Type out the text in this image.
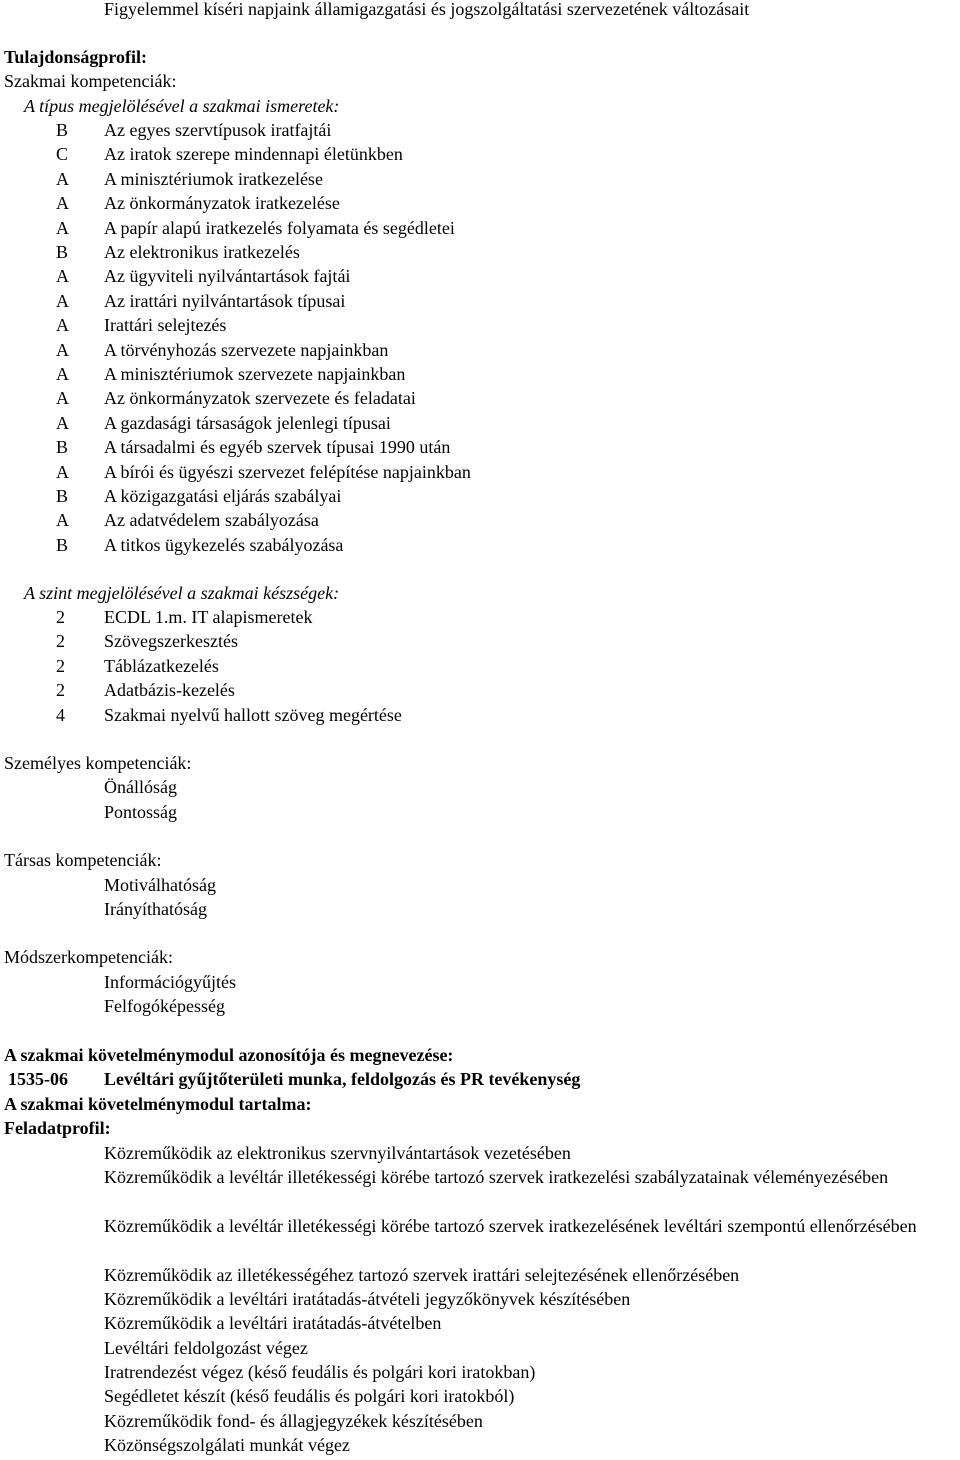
Figyelemmel kíséri napjaink államigazgatási és jogszolgáltatási szervezetének változásait
Tulajdonságprofil:
Szakmai kompetenciák:
A típus megjelölésével a szakmai ismeretek:
B	Az egyes szervtípusok iratfajtái
C	Az iratok szerepe mindennapi életünkben
A	A minisztériumok iratkezelése
A	Az önkormányzatok iratkezelése
A	A papír alapú iratkezelés folyamata és segédletei
B	Az elektronikus iratkezelés
A	Az ügyviteli nyilvántartások fajtái
A	Az irattári nyilvántartások típusai
A	Irattári selejtezés
A	A törvényhozás szervezete napjainkban
A	A minisztériumok szervezete napjainkban
A	Az önkormányzatok szervezete és feladatai
A	A gazdasági társaságok jelenlegi típusai
B	A társadalmi és egyéb szervek típusai 1990 után
A	A bírói és ügyészi szervezet felépítése napjainkban
B	A közigazgatási eljárás szabályai
A	Az adatvédelem szabályozása
B	A titkos ügykezelés szabályozása
A szint megjelölésével a szakmai készségek:
2	ECDL 1.m. IT alapismeretek
2	Szövegszerkesztés
2	Táblázatkezelés
2	Adatbázis-kezelés
4	Szakmai nyelvű hallott szöveg megértése
Személyes kompetenciák:
Önállóság
Pontosság
Társas kompetenciák:
Motiválhatóság
Irányíthatóság
Módszerkompetenciák:
Információgyűjtés
Felfogóképesség
A szakmai követelménymodul azonosítója és megnevezése:
1535-06 Levéltári gyűjtőterületi munka, feldolgozás és PR tevékenység
A szakmai követelménymodul tartalma:
Feladatprofil:
Közreműködik az elektronikus szervnyilvántartások vezetésében
Közreműködik a levéltár illetékességi körébe tartozó szervek iratkezelési szabályzatainak véleményezésében
Közreműködik a levéltár illetékességi körébe tartozó szervek iratkezelésének levéltári szempontú ellenőrzésében
Közreműködik az illetékességéhez tartozó szervek irattári selejtezésének ellenőrzésében
Közreműködik a levéltári iratátadás-átvételi jegyzőkönyvek készítésében
Közreműködik a levéltári iratátadás-átvételben
Levéltári feldolgozást végez
Iratrendezést végez (késő feudális és polgári kori iratokban)
Segédletet készít (késő feudális és polgári kori iratokból)
Közreműködik fond- és állagjegyzékek készítésében
Közönségszolgálati munkát végez
